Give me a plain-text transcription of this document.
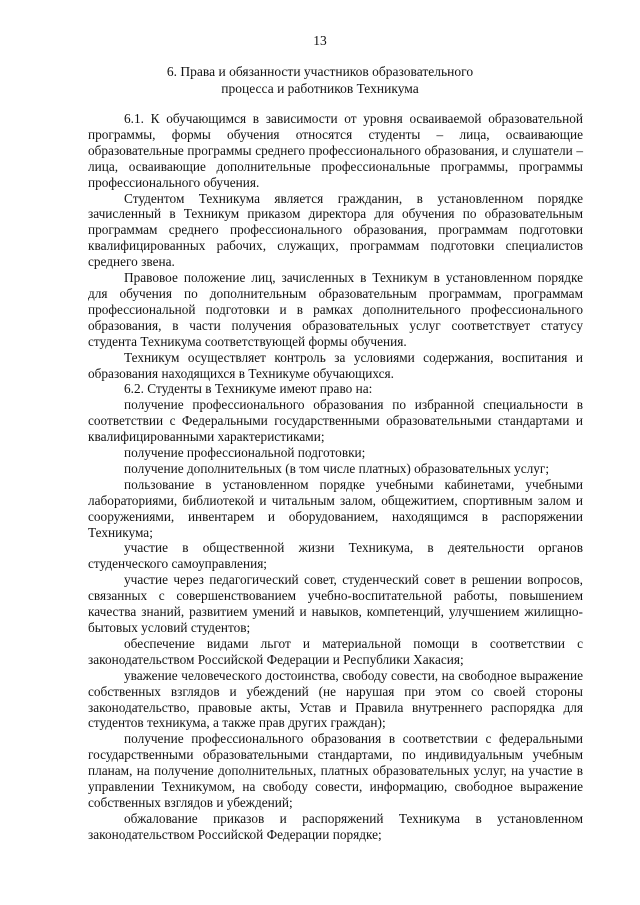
13
6. Права и обязанности участников образовательного
процесса и работников Техникума

6.1. К обучающимся в зависимости от уровня осваиваемой образовательной программы, формы обучения относятся студенты – лица, осваивающие образовательные программы среднего профессионального образования, и слушатели – лица, осваивающие дополнительные профессиональные программы, программы профессионального обучения.

Студентом Техникума является гражданин, в установленном порядке зачисленный в Техникум приказом директора для обучения по образовательным программам среднего профессионального образования, программам подготовки квалифицированных рабочих, служащих, программам подготовки специалистов среднего звена.

Правовое положение лиц, зачисленных в Техникум в установленном порядке для обучения по дополнительным образовательным программам, программам профессиональной подготовки и в рамках дополнительного профессионального образования, в части получения образовательных услуг соответствует статусу студента Техникума соответствующей формы обучения.

Техникум осуществляет контроль за условиями содержания, воспитания и образования находящихся в Техникуме обучающихся.

6.2. Студенты в Техникуме имеют право на:

получение профессионального образования по избранной специальности в соответствии с Федеральными государственными образовательными стандартами и квалифицированными характеристиками;

получение профессиональной подготовки;

получение дополнительных (в том числе платных) образовательных услуг;

пользование в установленном порядке учебными кабинетами, учебными лабораториями, библиотекой и читальным залом, общежитием, спортивным залом и сооружениями, инвентарем и оборудованием, находящимся в распоряжении Техникума;

участие в общественной жизни Техникума, в деятельности органов студенческого самоуправления;

участие через педагогический совет, студенческий совет в решении вопросов, связанных с совершенствованием учебно-воспитательной работы, повышением качества знаний, развитием умений и навыков, компетенций, улучшением жилищно-бытовых условий студентов;

обеспечение видами льгот и материальной помощи в соответствии с законодательством Российской Федерации и Республики Хакасия;

уважение человеческого достоинства, свободу совести, на свободное выражение собственных взглядов и убеждений (не нарушая при этом со своей стороны законодательство, правовые акты, Устав и Правила внутреннего распорядка для студентов техникума, а также прав других граждан);

получение профессионального образования в соответствии с федеральными государственными образовательными стандартами, по индивидуальным учебным планам, на получение дополнительных, платных образовательных услуг, на участие в управлении Техникумом, на свободу совести, информацию, свободное выражение собственных взглядов и убеждений;

обжалование приказов и распоряжений Техникума в установленном законодательством Российской Федерации порядке;
